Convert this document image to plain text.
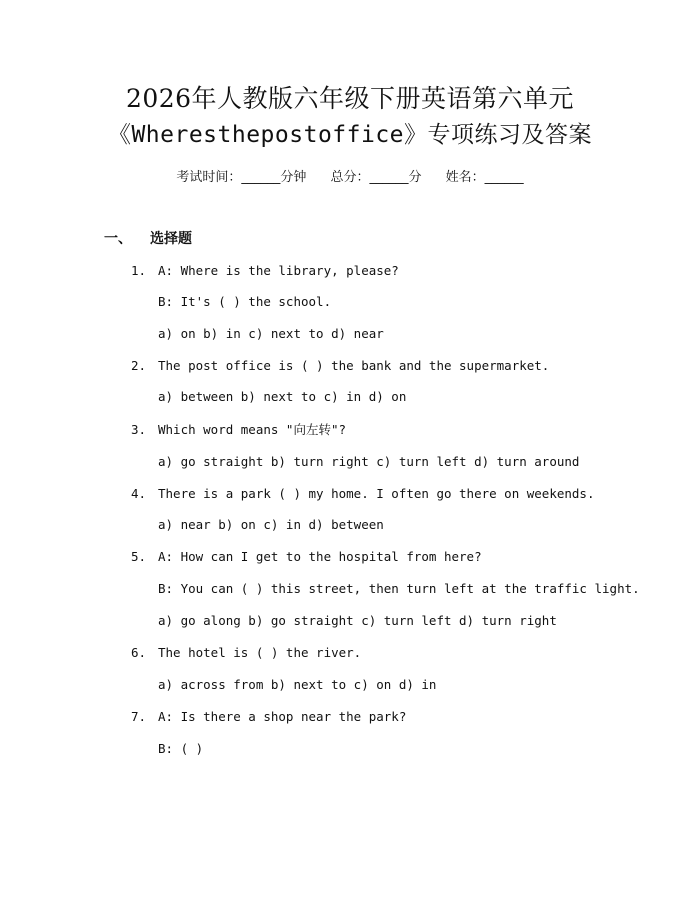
2026年人教版六年级下册英语第六单元
《Wheresthepostoffice》专项练习及答案
考试时间：______分钟 总分：______分 姓名：______
一、 选择题
1. A: Where is the library, please?
B: It's ( ) the school.
a) on b) in c) next to d) near
2. The post office is ( ) the bank and the supermarket.
a) between b) next to c) in d) on
3. Which word means "向左转"?
a) go straight b) turn right c) turn left d) turn around
4. There is a park ( ) my home. I often go there on weekends.
a) near b) on c) in d) between
5. A: How can I get to the hospital from here?
B: You can ( ) this street, then turn left at the traffic light.
a) go along b) go straight c) turn left d) turn right
6. The hotel is ( ) the river.
a) across from b) next to c) on d) in
7. A: Is there a shop near the park?
B: ( )
